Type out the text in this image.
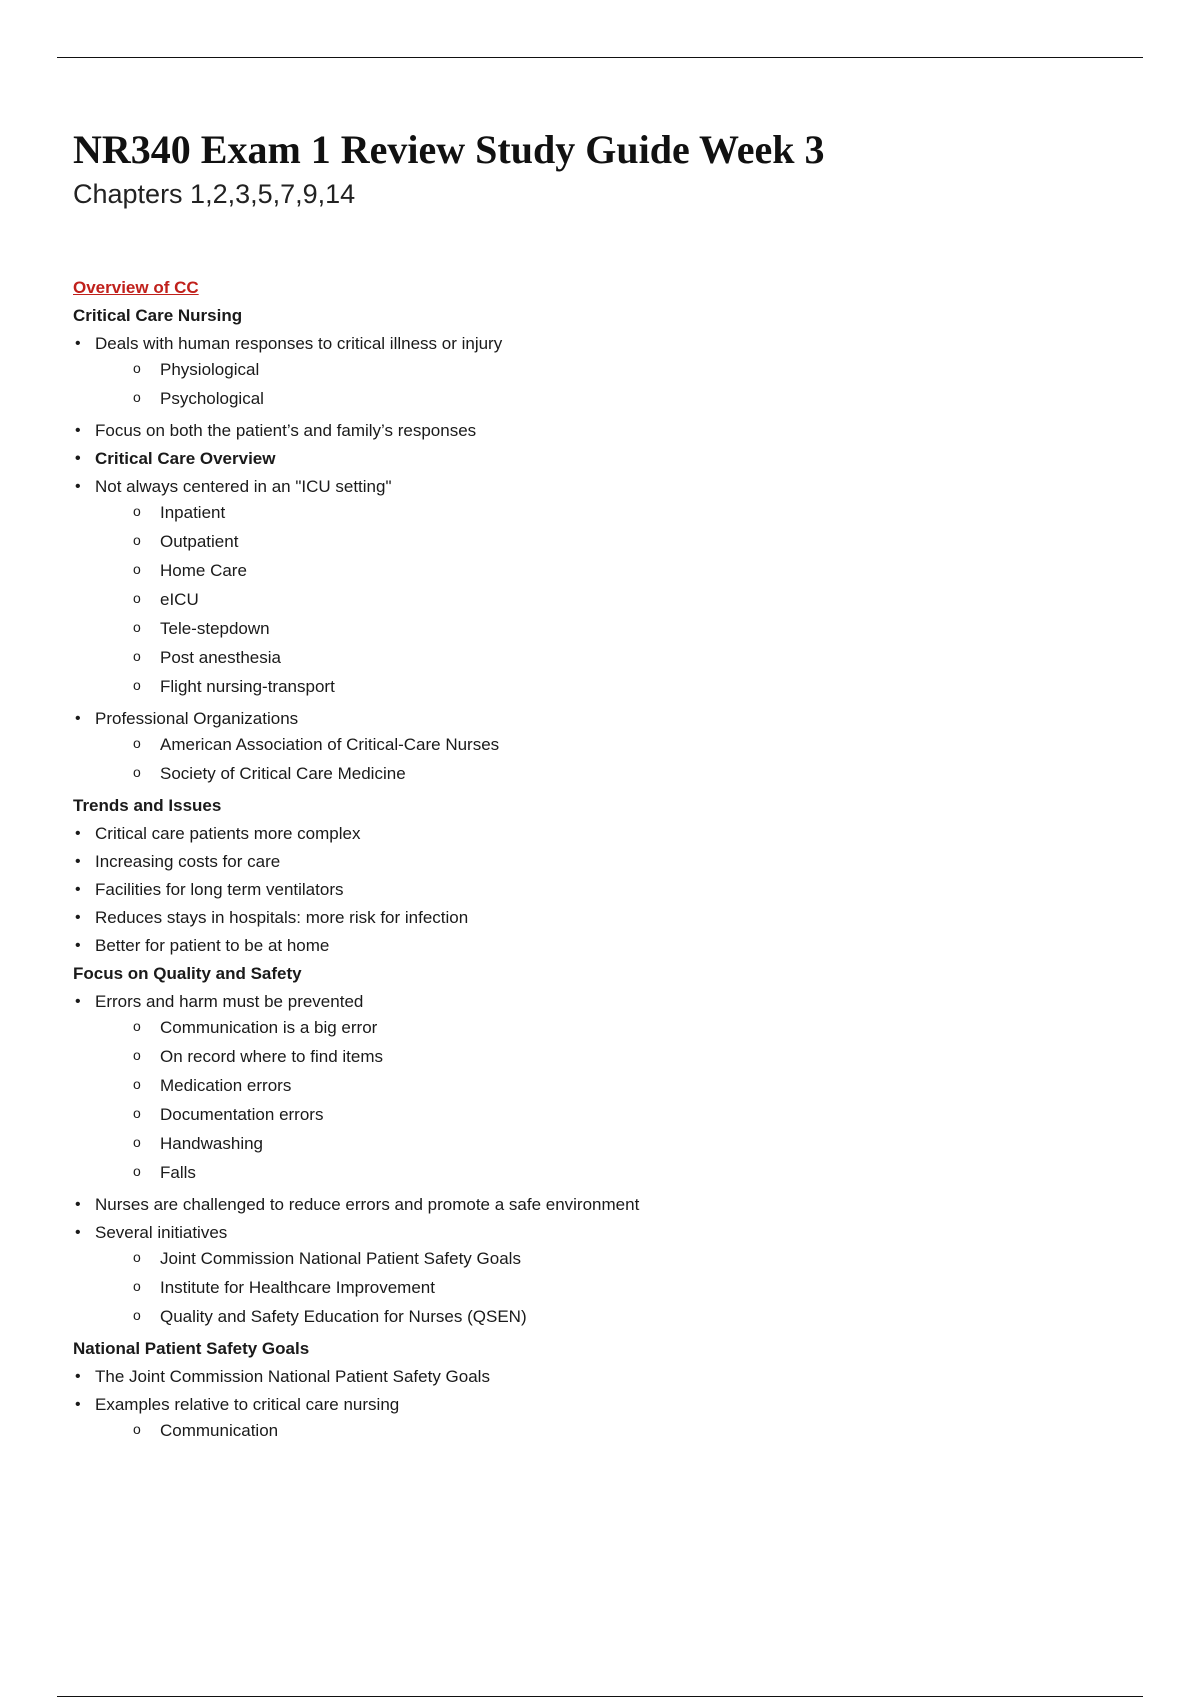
NR340 Exam 1 Review Study Guide Week 3
Chapters 1,2,3,5,7,9,14
Overview of CC
Critical Care Nursing
• Deals with human responses to critical illness or injury
o Physiological
o Psychological
• Focus on both the patient’s and family’s responses
• Critical Care Overview
• Not always centered in an "ICU setting"
o Inpatient
o Outpatient
o Home Care
o eICU
o Tele-stepdown
o Post anesthesia
o Flight nursing-transport
• Professional Organizations
o American Association of Critical-Care Nurses
o Society of Critical Care Medicine
Trends and Issues
• Critical care patients more complex
• Increasing costs for care
• Facilities for long term ventilators
• Reduces stays in hospitals: more risk for infection
• Better for patient to be at home
Focus on Quality and Safety
• Errors and harm must be prevented
o Communication is a big error
o On record where to find items
o Medication errors
o Documentation errors
o Handwashing
o Falls
• Nurses are challenged to reduce errors and promote a safe environment
• Several initiatives
o Joint Commission National Patient Safety Goals
o Institute for Healthcare Improvement
o Quality and Safety Education for Nurses (QSEN)
National Patient Safety Goals
• The Joint Commission National Patient Safety Goals
• Examples relative to critical care nursing
o Communication
